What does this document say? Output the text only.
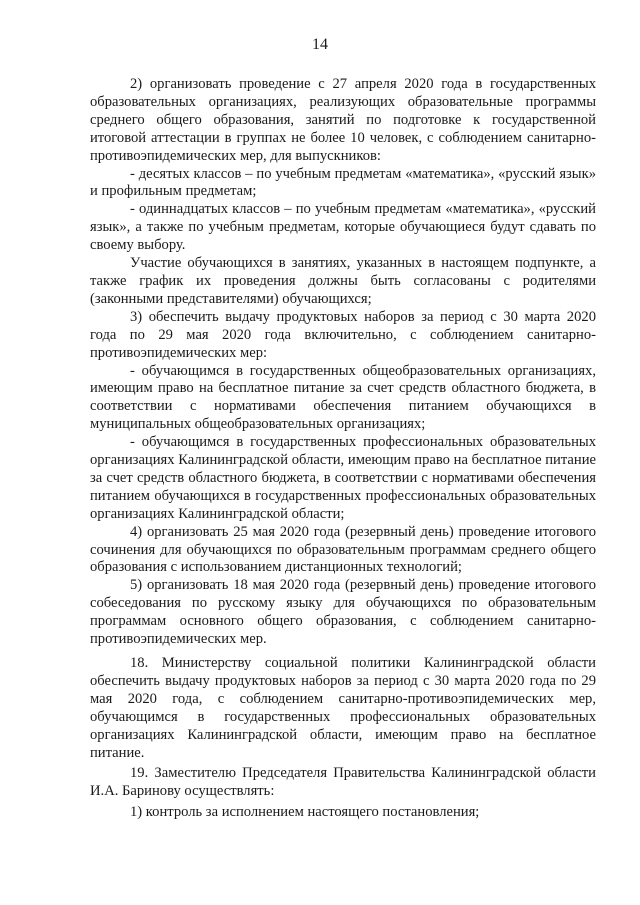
14

2) организовать проведение с 27 апреля 2020 года в государственных образовательных организациях, реализующих образовательные программы среднего общего образования, занятий по подготовке к государственной итоговой аттестации в группах не более 10 человек, с соблюдением санитарно-противоэпидемических мер, для выпускников:

- десятых классов – по учебным предметам «математика», «русский язык» и профильным предметам;

- одиннадцатых классов – по учебным предметам «математика», «русский язык», а также по учебным предметам, которые обучающиеся будут сдавать по своему выбору.

Участие обучающихся в занятиях, указанных в настоящем подпункте, а также график их проведения должны быть согласованы с родителями (законными представителями) обучающихся;

3) обеспечить выдачу продуктовых наборов за период с 30 марта 2020 года по 29 мая 2020 года включительно, с соблюдением санитарно-противоэпидемических мер:

- обучающимся в государственных общеобразовательных организациях, имеющим право на бесплатное питание за счет средств областного бюджета, в соответствии с нормативами обеспечения питанием обучающихся в муниципальных общеобразовательных организациях;

- обучающимся в государственных профессиональных образовательных организациях Калининградской области, имеющим право на бесплатное питание за счет средств областного бюджета, в соответствии с нормативами обеспечения питанием обучающихся в государственных профессиональных образовательных организациях Калининградской области;

4) организовать 25 мая 2020 года (резервный день) проведение итогового сочинения для обучающихся по образовательным программам среднего общего образования с использованием дистанционных технологий;

5) организовать 18 мая 2020 года (резервный день) проведение итогового собеседования по русскому языку для обучающихся по образовательным программам основного общего образования, с соблюдением санитарно-противоэпидемических мер.

18. Министерству социальной политики Калининградской области обеспечить выдачу продуктовых наборов за период с 30 марта 2020 года по 29 мая 2020 года, с соблюдением санитарно-противоэпидемических мер, обучающимся в государственных профессиональных образовательных организациях Калининградской области, имеющим право на бесплатное питание.

19. Заместителю Председателя Правительства Калининградской области И.А. Баринову осуществлять:

1) контроль за исполнением настоящего постановления;
